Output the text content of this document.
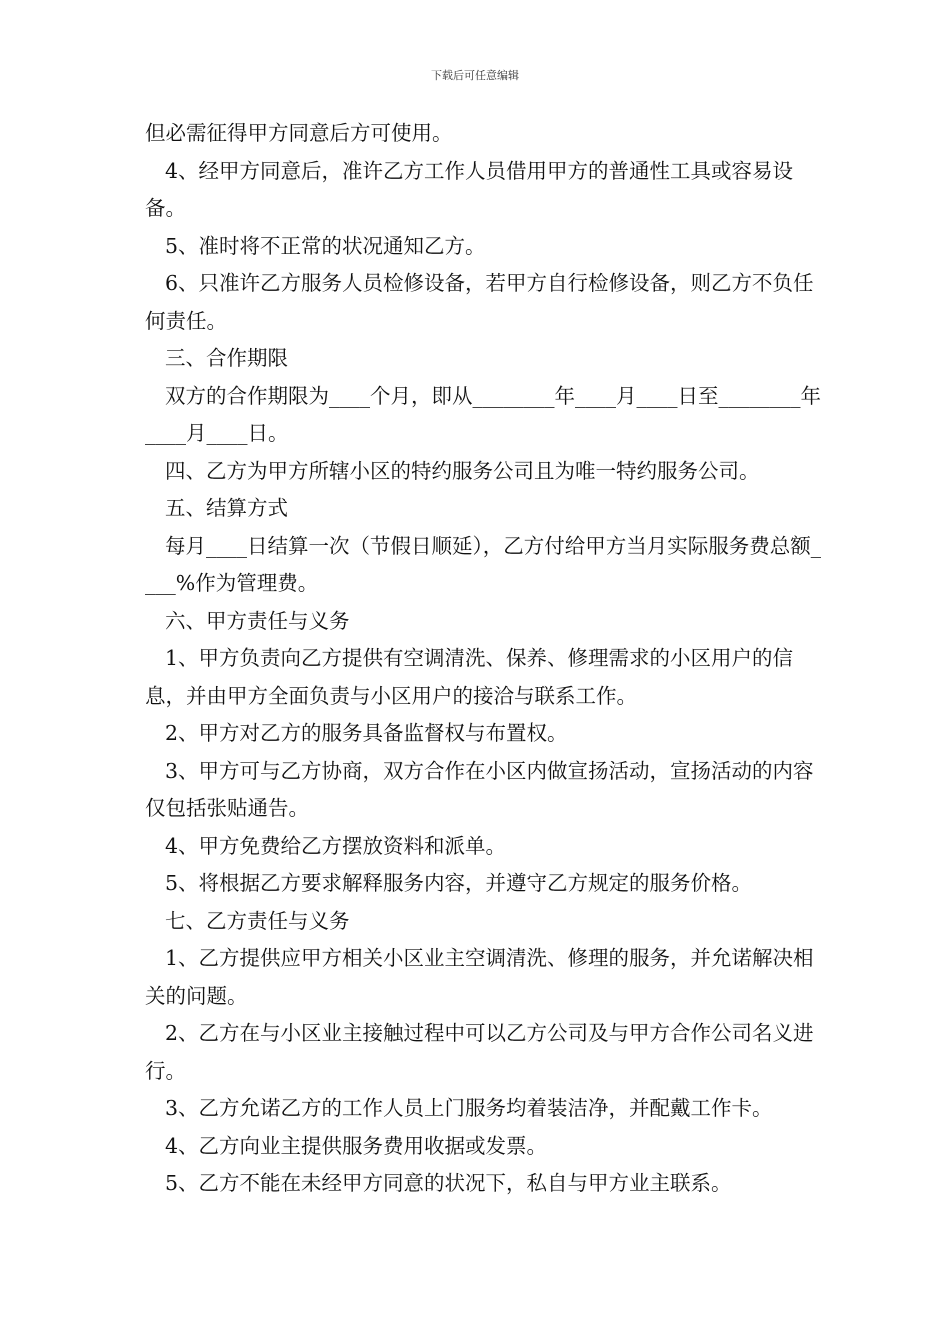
下载后可任意编辑

但必需征得甲方同意后方可使用。

4、经甲方同意后，准许乙方工作人员借用甲方的普通性工具或容易设备。

5、准时将不正常的状况通知乙方。

6、只准许乙方服务人员检修设备，若甲方自行检修设备，则乙方不负任何责任。

三、合作期限

双方的合作期限为____个月，即从________年____月____日至________年____月____日。

四、乙方为甲方所辖小区的特约服务公司且为唯一特约服务公司。

五、结算方式

每月____日结算一次（节假日顺延），乙方付给甲方当月实际服务费总额____%作为管理费。

六、甲方责任与义务

1、甲方负责向乙方提供有空调清洗、保养、修理需求的小区用户的信息，并由甲方全面负责与小区用户的接洽与联系工作。

2、甲方对乙方的服务具备监督权与布置权。

3、甲方可与乙方协商，双方合作在小区内做宣扬活动，宣扬活动的内容仅包括张贴通告。

4、甲方免费给乙方摆放资料和派单。

5、将根据乙方要求解释服务内容，并遵守乙方规定的服务价格。

七、乙方责任与义务

1、乙方提供应甲方相关小区业主空调清洗、修理的服务，并允诺解决相关的问题。

2、乙方在与小区业主接触过程中可以乙方公司及与甲方合作公司名义进行。

3、乙方允诺乙方的工作人员上门服务均着装洁净，并配戴工作卡。

4、乙方向业主提供服务费用收据或发票。

5、乙方不能在未经甲方同意的状况下，私自与甲方业主联系。
